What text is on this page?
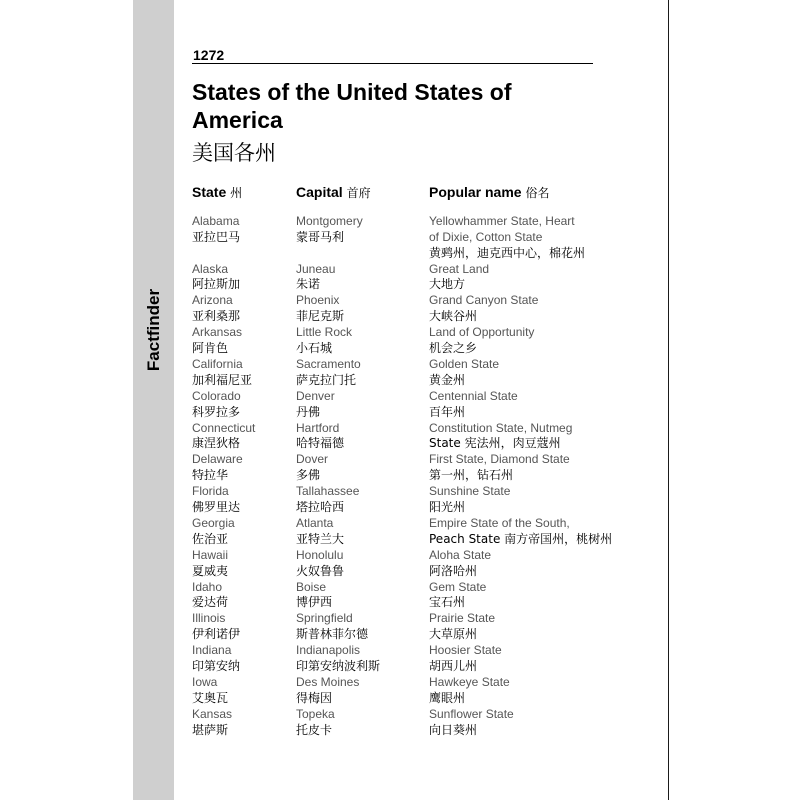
Factfinder
1272
States of the United States of America
美国各州
State 州	Capital 首府	Popular name 俗名
Alabama
亚拉巴马
Montgomery
蒙哥马利
Yellowhammer State, Heart
of Dixie, Cotton State
黄鹀州，迪克西中心，棉花州
Alaska
阿拉斯加
Juneau
朱诺
Great Land
大地方
Arizona
亚利桑那
Phoenix
菲尼克斯
Grand Canyon State
大峡谷州
Arkansas
阿肯色
Little Rock
小石城
Land of Opportunity
机会之乡
California
加利福尼亚
Sacramento
萨克拉门托
Golden State
黄金州
Colorado
科罗拉多
Denver
丹佛
Centennial State
百年州
Connecticut
康涅狄格
Hartford
哈特福德
Constitution State, Nutmeg
State 宪法州，肉豆蔻州
Delaware
特拉华
Dover
多佛
First State, Diamond State
第一州，钻石州
Florida
佛罗里达
Tallahassee
塔拉哈西
Sunshine State
阳光州
Georgia
佐治亚
Atlanta
亚特兰大
Empire State of the South,
Peach State 南方帝国州，桃树州
Hawaii
夏威夷
Honolulu
火奴鲁鲁
Aloha State
阿洛哈州
Idaho
爱达荷
Boise
博伊西
Gem State
宝石州
Illinois
伊利诺伊
Springfield
斯普林菲尔德
Prairie State
大草原州
Indiana
印第安纳
Indianapolis
印第安纳波利斯
Hoosier State
胡西儿州
Iowa
艾奥瓦
Des Moines
得梅因
Hawkeye State
鹰眼州
Kansas
堪萨斯
Topeka
托皮卡
Sunflower State
向日葵州
